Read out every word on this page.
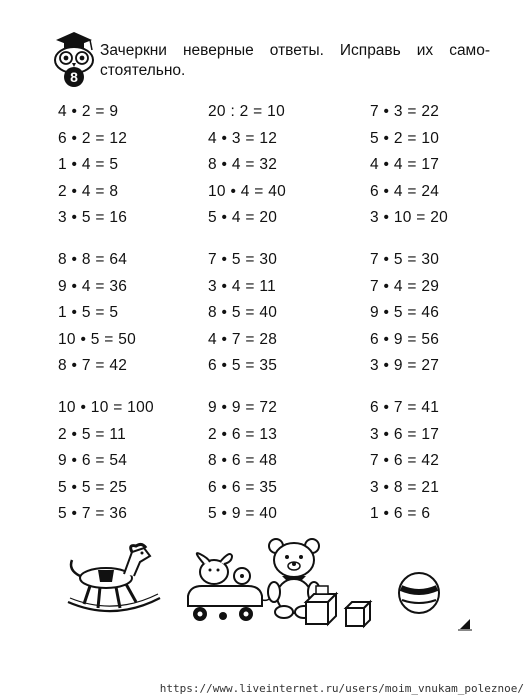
8
Зачеркни неверные ответы. Исправь их само-стоятельно.
4 • 2 = 9
6 • 2 = 12
1 • 4 = 5
2 • 4 = 8
3 • 5 = 16
8 • 8 = 64
9 • 4 = 36
1 • 5 = 5
10 • 5 = 50
8 • 7 = 42
10 • 10 = 100
2 • 5 = 11
9 • 6 = 54
5 • 5 = 25
5 • 7 = 36
20 : 2 = 10
4 • 3 = 12
8 • 4 = 32
10 • 4 = 40
5 • 4 = 20
7 • 5 = 30
3 • 4 = 11
8 • 5 = 40
4 • 7 = 28
6 • 5 = 35
9 • 9 = 72
2 • 6 = 13
8 • 6 = 48
6 • 6 = 35
5 • 9 = 40
7 • 3 = 22
5 • 2 = 10
4 • 4 = 17
6 • 4 = 24
3 • 10 = 20
7 • 5 = 30
7 • 4 = 29
9 • 5 = 46
6 • 9 = 56
3 • 9 = 27
6 • 7 = 41
3 • 6 = 17
7 • 6 = 42
3 • 8 = 21
1 • 6 = 6
https://www.liveinternet.ru/users/moim_vnukam_poleznoe/
